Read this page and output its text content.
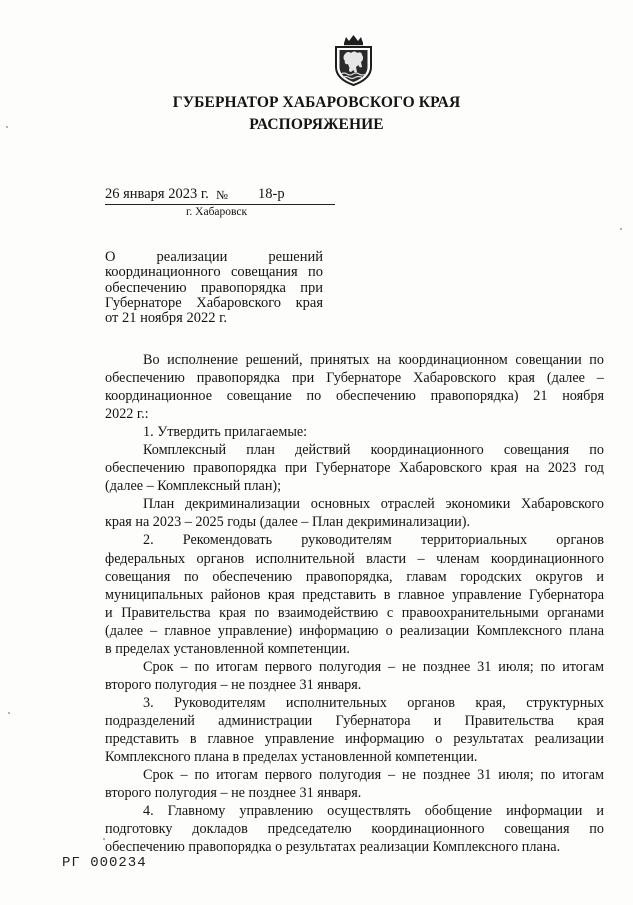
ГУБЕРНАТОР ХАБАРОВСКОГО КРАЯ
РАСПОРЯЖЕНИЕ
26 января 2023 г. № 18-р
г. Хабаровск
О реализации решений
координационного совещания по
обеспечению правопорядка при
Губернаторе Хабаровского края
от 21 ноября 2022 г.
Во исполнение решений, принятых на координационном совещании по
обеспечению правопорядка при Губернаторе Хабаровского края (далее –
координационное совещание по обеспечению правопорядка) 21 ноября
2022 г.:
1. Утвердить прилагаемые:
Комплексный план действий координационного совещания по
обеспечению правопорядка при Губернаторе Хабаровского края на 2023 год
(далее – Комплексный план);
План декриминализации основных отраслей экономики Хабаровского
края на 2023 – 2025 годы (далее – План декриминализации).
2. Рекомендовать руководителям территориальных органов
федеральных органов исполнительной власти – членам координационного
совещания по обеспечению правопорядка, главам городских округов и
муниципальных районов края представить в главное управление Губернатора
и Правительства края по взаимодействию с правоохранительными органами
(далее – главное управление) информацию о реализации Комплексного плана
в пределах установленной компетенции.
Срок – по итогам первого полугодия – не позднее 31 июля; по итогам
второго полугодия – не позднее 31 января.
3. Руководителям исполнительных органов края, структурных
подразделений администрации Губернатора и Правительства края
представить в главное управление информацию о результатах реализации
Комплексного плана в пределах установленной компетенции.
Срок – по итогам первого полугодия – не позднее 31 июля; по итогам
второго полугодия – не позднее 31 января.
4. Главному управлению осуществлять обобщение информации и
подготовку докладов председателю координационного совещания по
обеспечению правопорядка о результатах реализации Комплексного плана.
РГ 000234
